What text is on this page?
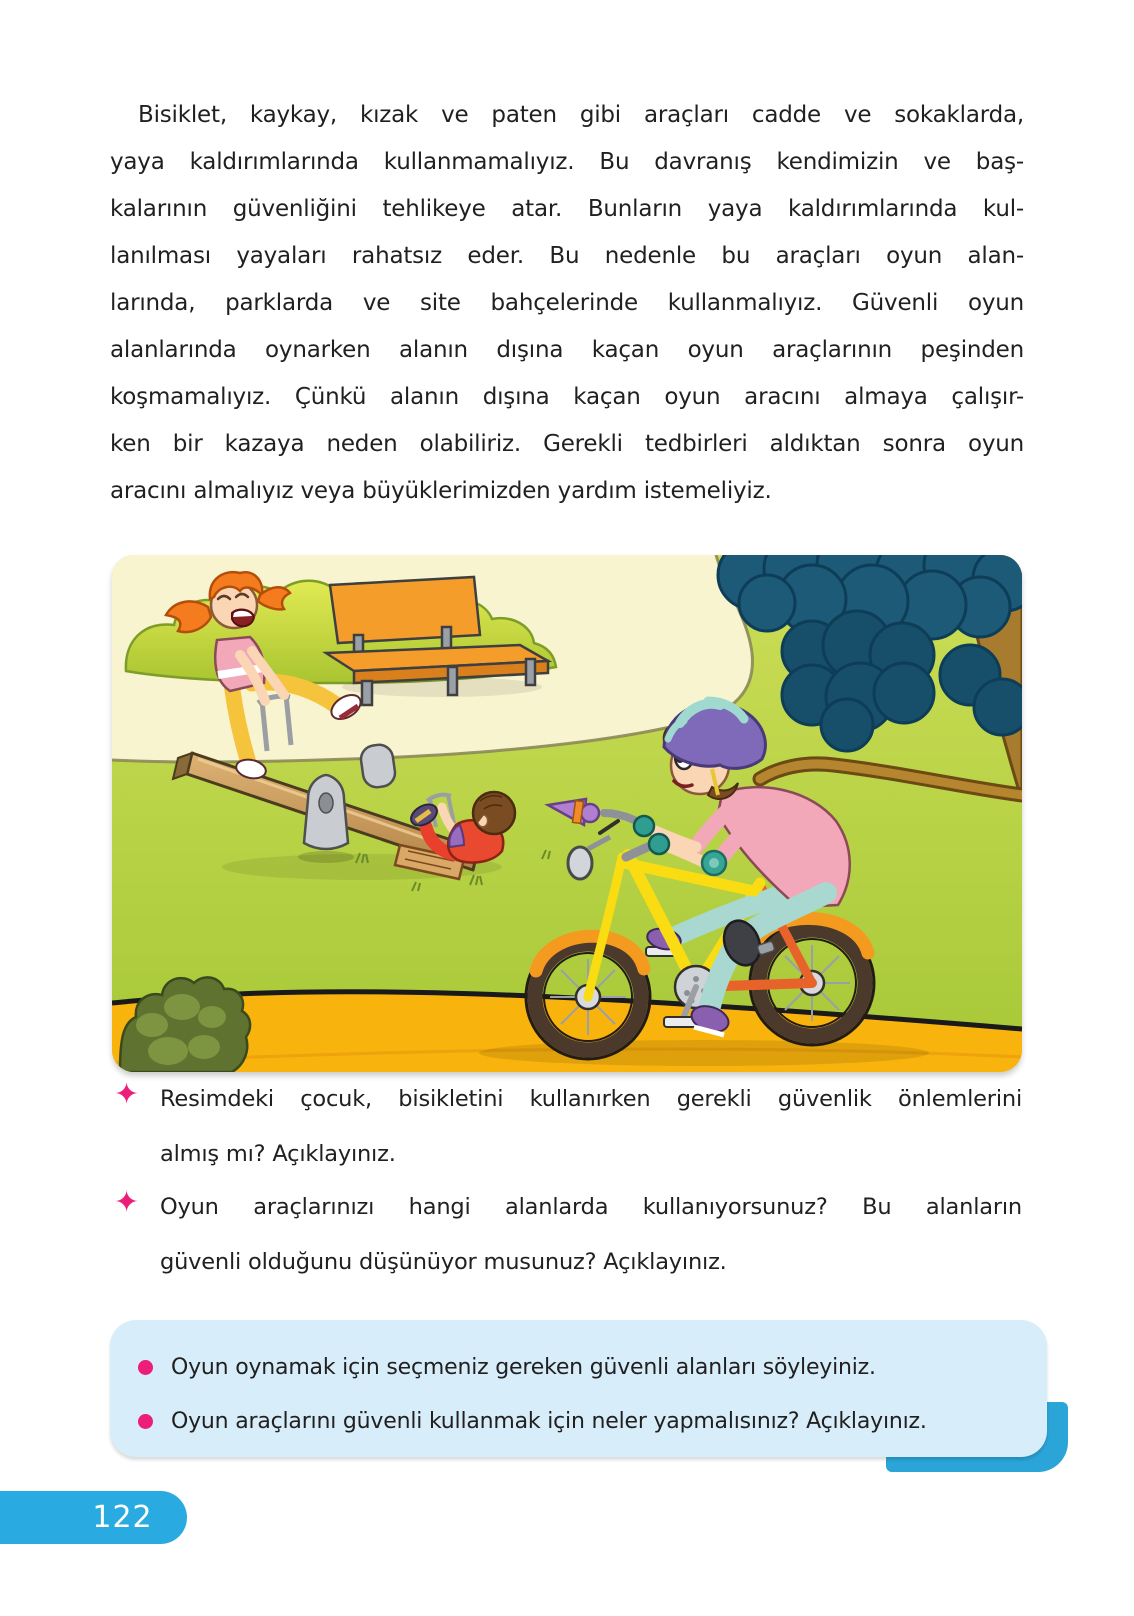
Bisiklet, kaykay, kızak ve paten gibi araçları cadde ve sokaklarda,
yaya kaldırımlarında kullanmamalıyız. Bu davranış kendimizin ve baş-
kalarının güvenliğini tehlikeye atar. Bunların yaya kaldırımlarında kul-
lanılması yayaları rahatsız eder. Bu nedenle bu araçları oyun alan-
larında, parklarda ve site bahçelerinde kullanmalıyız. Güvenli oyun
alanlarında oynarken alanın dışına kaçan oyun araçlarının peşinden
koşmamalıyız. Çünkü alanın dışına kaçan oyun aracını almaya çalışır-
ken bir kazaya neden olabiliriz. Gerekli tedbirleri aldıktan sonra oyun
aracını almalıyız veya büyüklerimizden yardım istemeliyiz.
✦ Resimdeki çocuk, bisikletini kullanırken gerekli güvenlik önlemlerini
almış mı? Açıklayınız.
✦ Oyun araçlarınızı hangi alanlarda kullanıyorsunuz? Bu alanların
güvenli olduğunu düşünüyor musunuz? Açıklayınız.
Oyun oynamak için seçmeniz gereken güvenli alanları söyleyiniz.
Oyun araçlarını güvenli kullanmak için neler yapmalısınız? Açıklayınız.
122
